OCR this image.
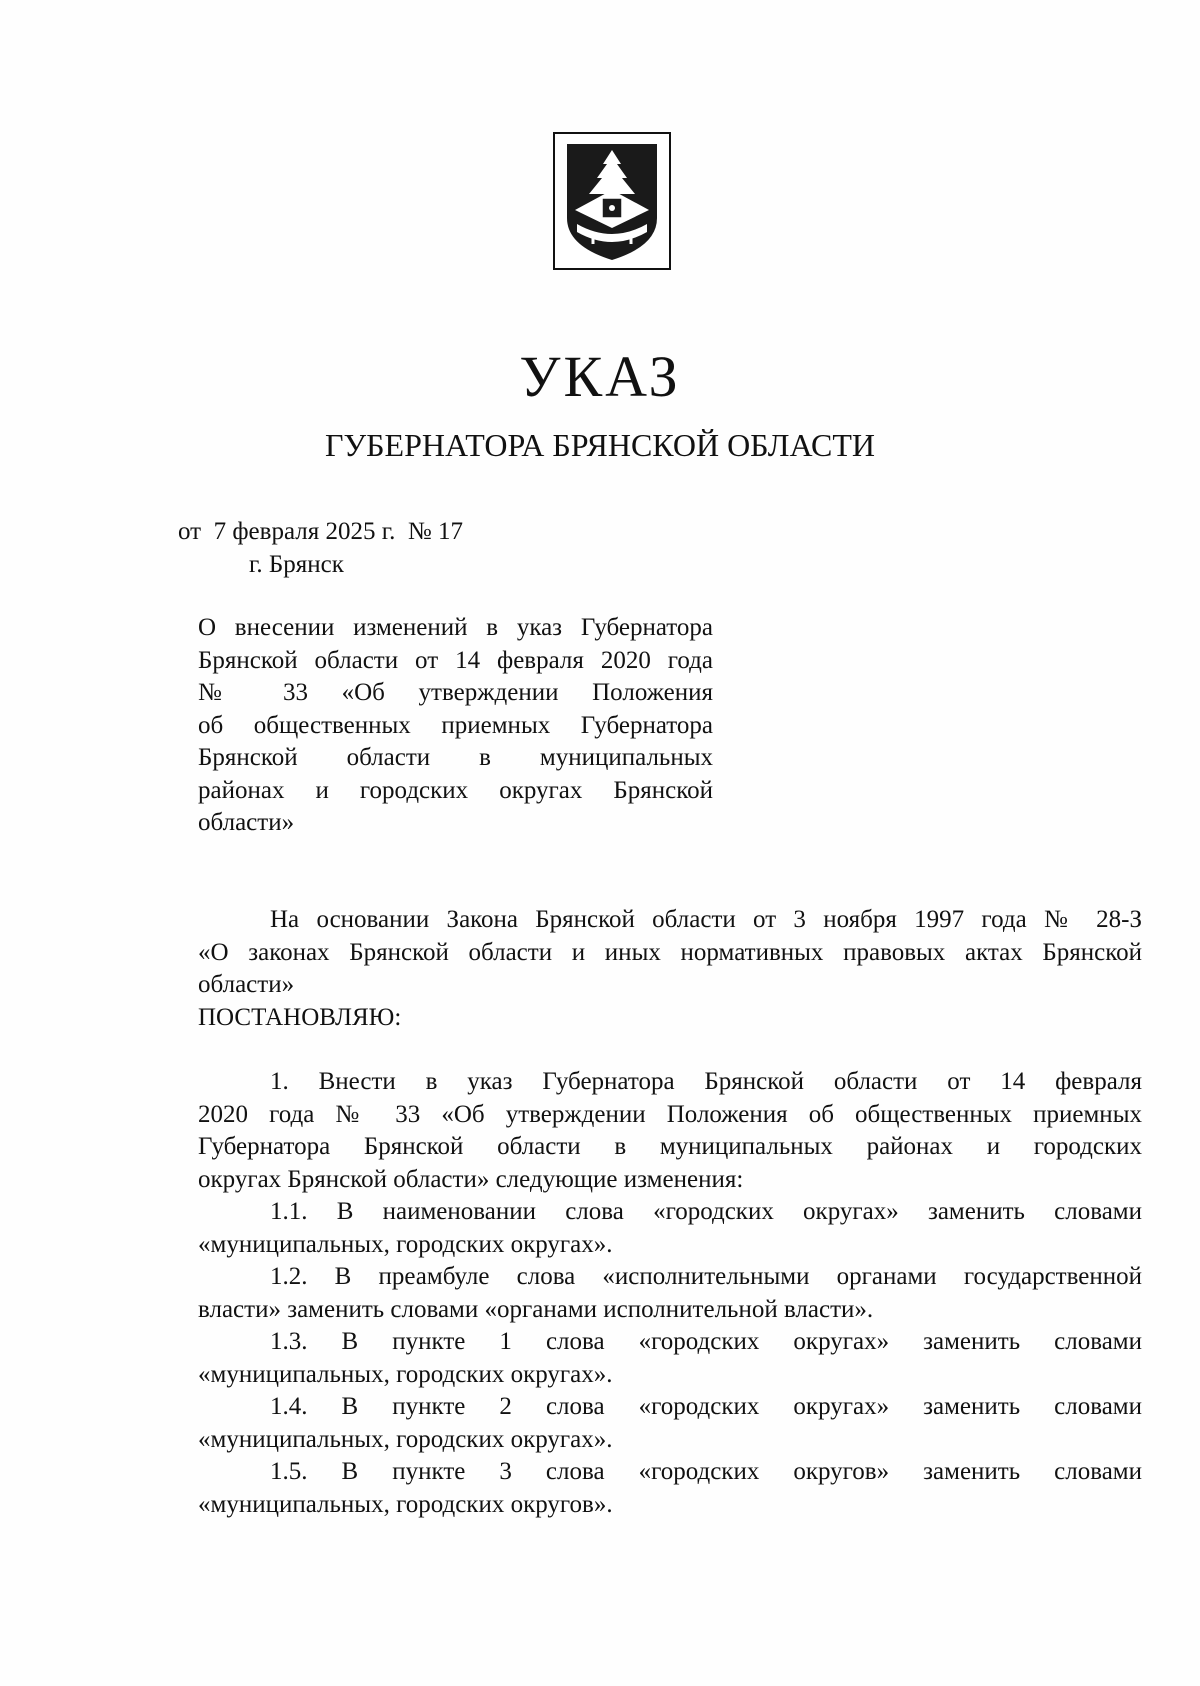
УКАЗ
ГУБЕРНАТОРА БРЯНСКОЙ ОБЛАСТИ
от  7 февраля 2025 г.  № 17
г. Брянск
О внесении изменений в указ Губернатора
Брянской области от 14 февраля 2020 года
№ 33 «Об утверждении Положения
об общественных приемных Губернатора
Брянской области в муниципальных
районах и городских округах Брянской
области»
На основании Закона Брянской области от 3 ноября 1997 года № 28-З
«О законах Брянской области и иных нормативных правовых актах Брянской
области»
ПОСТАНОВЛЯЮ:
1. Внести в указ Губернатора Брянской области от 14 февраля
2020 года № 33 «Об утверждении Положения об общественных приемных
Губернатора Брянской области в муниципальных районах и городских
округах Брянской области» следующие изменения:
1.1. В наименовании слова «городских округах» заменить словами
«муниципальных, городских округах».
1.2. В преамбуле слова «исполнительными органами государственной
власти» заменить словами «органами исполнительной власти».
1.3. В пункте 1 слова «городских округах» заменить словами
«муниципальных, городских округах».
1.4. В пункте 2 слова «городских округах» заменить словами
«муниципальных, городских округах».
1.5. В пункте 3 слова «городских округов» заменить словами
«муниципальных, городских округов».
